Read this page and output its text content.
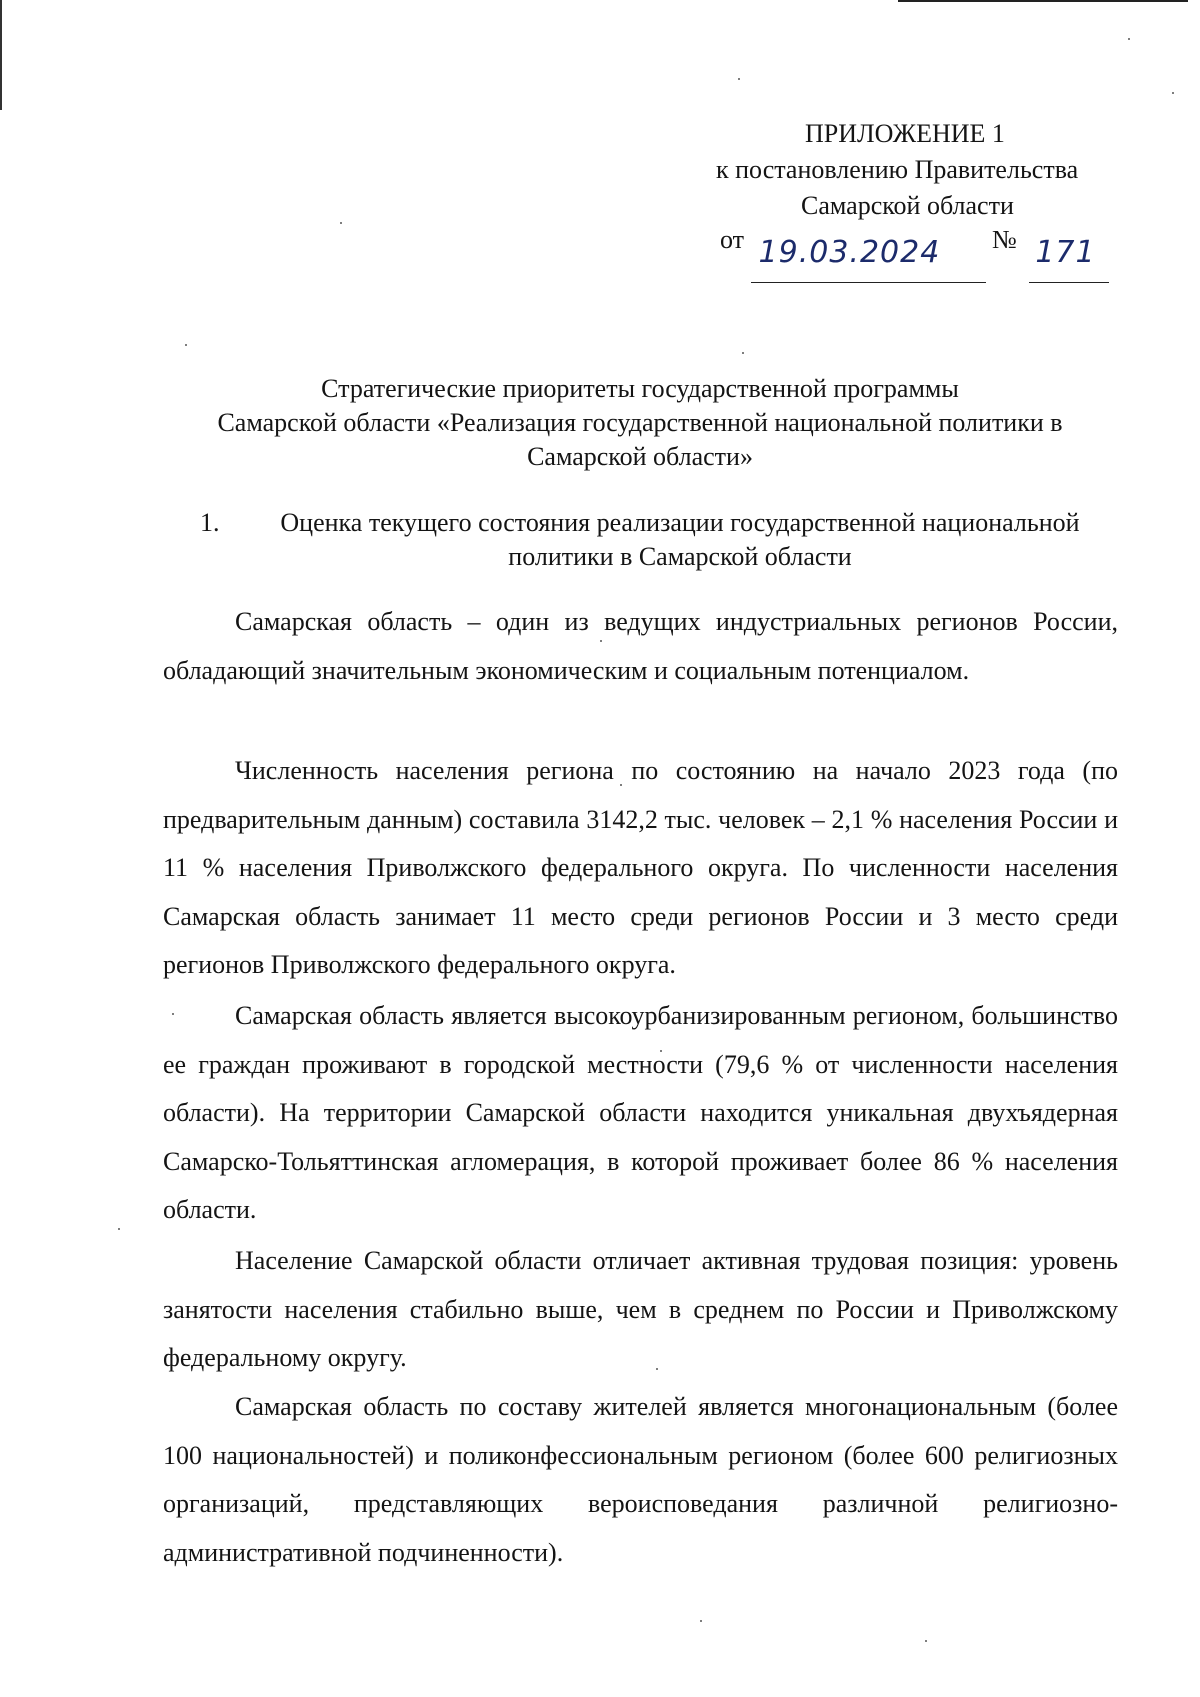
ПРИЛОЖЕНИЕ 1
к постановлению Правительства
Самарской области
от 19.03.2024 № 171
Стратегические приоритеты государственной программы
Самарской области «Реализация государственной национальной политики в
Самарской области»
1.	Оценка текущего состояния реализации государственной национальной политики в Самарской области

Самарская область – один из ведущих индустриальных регионов России, обладающий значительным экономическим и социальным потенциалом.

Численность населения региона по состоянию на начало 2023 года (по предварительным данным) составила 3142,2 тыс. человек – 2,1 % населения России и 11 % населения Приволжского федерального округа. По численности населения Самарская область занимает 11 место среди регионов России и 3 место среди регионов Приволжского федерального округа.

Самарская область является высокоурбанизированным регионом, большинство ее граждан проживают в городской местности (79,6 % от численности населения области). На территории Самарской области находится уникальная двухъядерная Самарско-Тольяттинская агломерация, в которой проживает более 86 % населения области.

Население Самарской области отличает активная трудовая позиция: уровень занятости населения стабильно выше, чем в среднем по России и Приволжскому федеральному округу.

Самарская область по составу жителей является многонациональным (более 100 национальностей) и поликонфессиональным регионом (более 600 религиозных организаций, представляющих вероисповедания различной религиозно-административной подчиненности).
